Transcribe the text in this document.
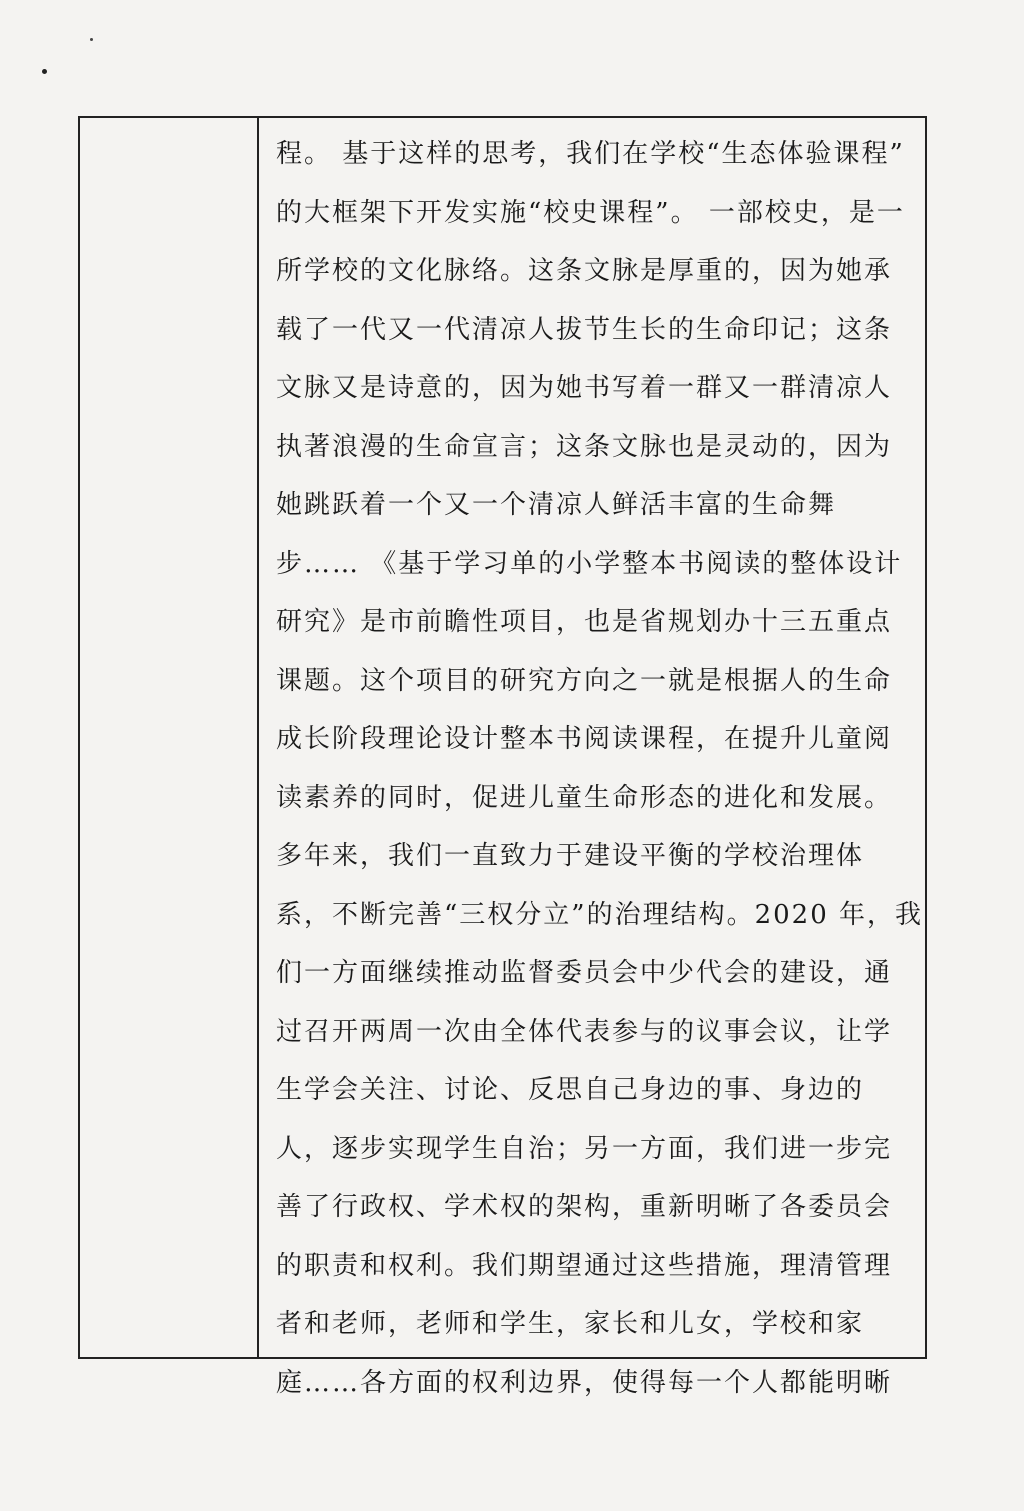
程。 基于这样的思考，我们在学校“生态体验课程”
的大框架下开发实施“校史课程”。 一部校史，是一
所学校的文化脉络。这条文脉是厚重的，因为她承
载了一代又一代清凉人拔节生长的生命印记；这条
文脉又是诗意的，因为她书写着一群又一群清凉人
执著浪漫的生命宣言；这条文脉也是灵动的，因为
她跳跃着一个又一个清凉人鲜活丰富的生命舞
步…… 《基于学习单的小学整本书阅读的整体设计
研究》是市前瞻性项目，也是省规划办十三五重点
课题。这个项目的研究方向之一就是根据人的生命
成长阶段理论设计整本书阅读课程，在提升儿童阅
读素养的同时，促进儿童生命形态的进化和发展。
多年来，我们一直致力于建设平衡的学校治理体
系，不断完善“三权分立”的治理结构。2020 年，我
们一方面继续推动监督委员会中少代会的建设，通
过召开两周一次由全体代表参与的议事会议，让学
生学会关注、讨论、反思自己身边的事、身边的
人，逐步实现学生自治；另一方面，我们进一步完
善了行政权、学术权的架构，重新明晰了各委员会
的职责和权利。我们期望通过这些措施，理清管理
者和老师，老师和学生，家长和儿女，学校和家
庭……各方面的权利边界，使得每一个人都能明晰
